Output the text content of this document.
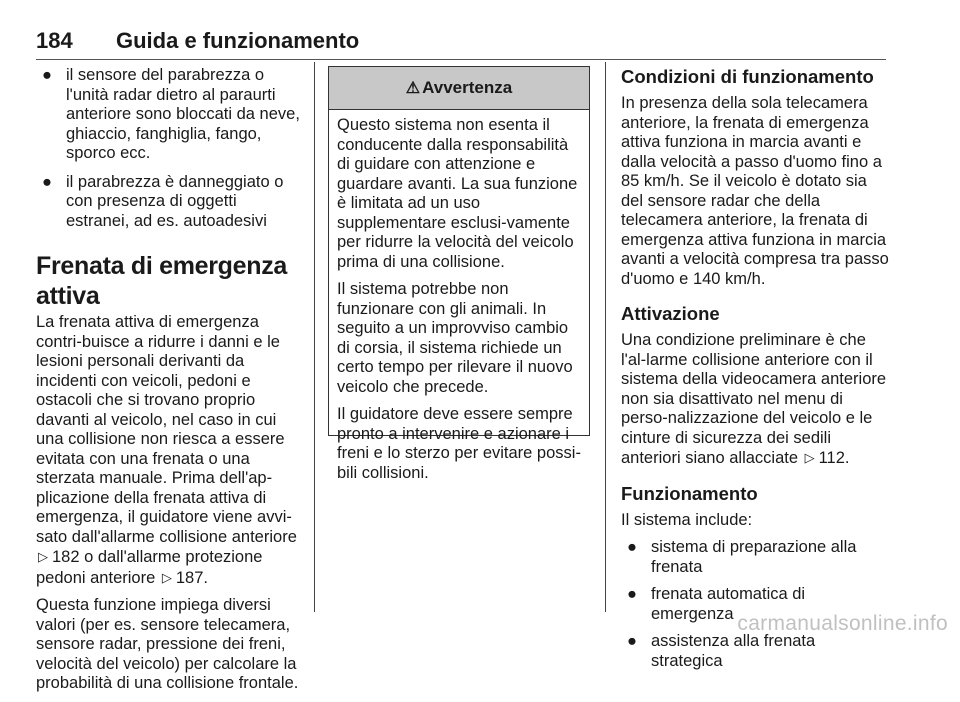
184 Guida e funzionamento
● il sensore del parabrezza o l'unità radar dietro al paraurti anteriore sono bloccati da neve, ghiaccio, fanghiglia, fango, sporco ecc.
● il parabrezza è danneggiato o con presenza di oggetti estranei, ad es. autoadesivi
Frenata di emergenza attiva

La frenata attiva di emergenza contri-buisce a ridurre i danni e le lesioni personali derivanti da incidenti con veicoli, pedoni e ostacoli che si trovano proprio davanti al veicolo, nel caso in cui una collisione non riesca a essere evitata con una frenata o una sterzata manuale. Prima dell'ap-plicazione della frenata attiva di emergenza, il guidatore viene avvi-sato dall'allarme collisione anteriore ▷ 182 o dall'allarme protezione pedoni anteriore ▷ 187.

Questa funzione impiega diversi valori (per es. sensore telecamera, sensore radar, pressione dei freni, velocità del veicolo) per calcolare la probabilità di una collisione frontale.

⚠ Avvertenza

Questo sistema non esenta il conducente dalla responsabilità di guidare con attenzione e guardare avanti. La sua funzione è limitata ad un uso supplementare esclusi-vamente per ridurre la velocità del veicolo prima di una collisione.

Il sistema potrebbe non funzionare con gli animali. In seguito a un improvviso cambio di corsia, il sistema richiede un certo tempo per rilevare il nuovo veicolo che precede.

Il guidatore deve essere sempre pronto a intervenire e azionare i freni e lo sterzo per evitare possi-bili collisioni.

Condizioni di funzionamento

In presenza della sola telecamera anteriore, la frenata di emergenza attiva funziona in marcia avanti e dalla velocità a passo d'uomo fino a 85 km/h. Se il veicolo è dotato sia del sensore radar che della telecamera anteriore, la frenata di emergenza attiva funziona in marcia avanti a velocità compresa tra passo d'uomo e 140 km/h.

Attivazione

Una condizione preliminare è che l'al-larme collisione anteriore con il sistema della videocamera anteriore non sia disattivato nel menu di perso-nalizzazione del veicolo e le cinture di sicurezza dei sedili anteriori siano allacciate ▷ 112.

Funzionamento

Il sistema include:

● sistema di preparazione alla frenata
● frenata automatica di emergenza
● assistenza alla frenata strategica
carmanualsonline.info
